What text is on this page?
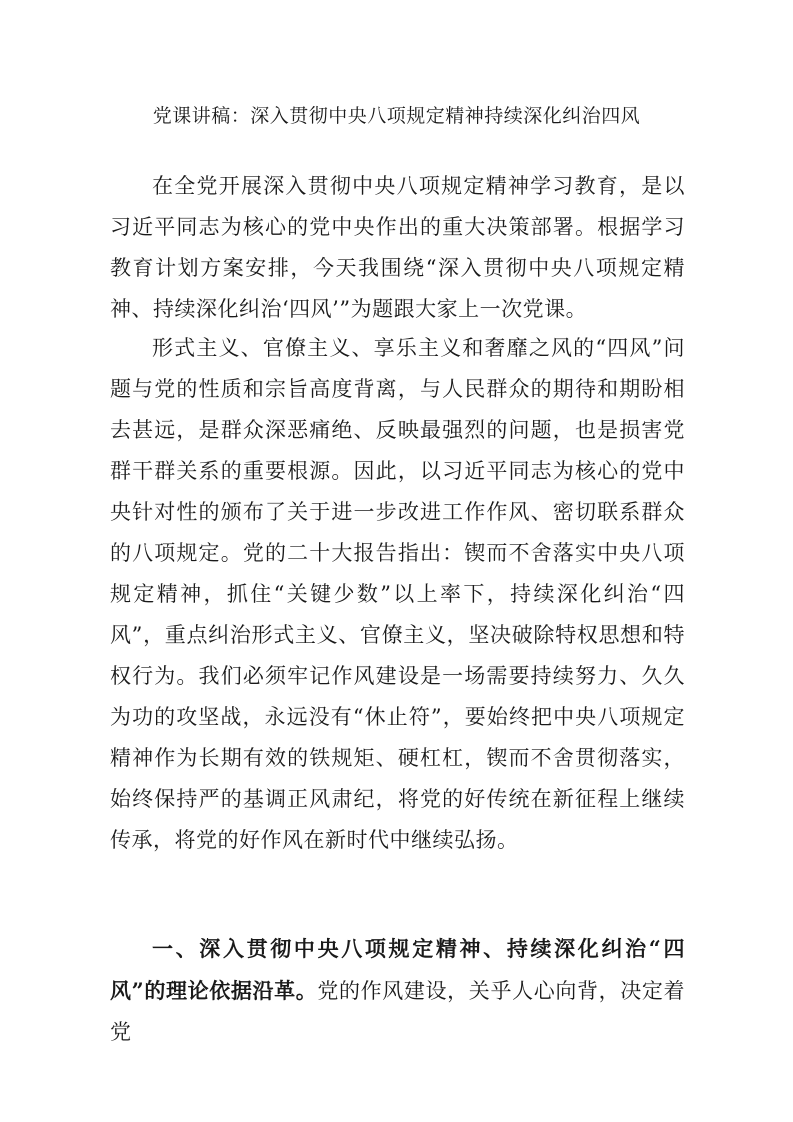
党课讲稿：深入贯彻中央八项规定精神持续深化纠治四风

在全党开展深入贯彻中央八项规定精神学习教育，是以习近平同志为核心的党中央作出的重大决策部署。根据学习教育计划方案安排，今天我围绕“深入贯彻中央八项规定精神、持续深化纠治‘四风’”为题跟大家上一次党课。

形式主义、官僚主义、享乐主义和奢靡之风的“四风”问题与党的性质和宗旨高度背离，与人民群众的期待和期盼相去甚远，是群众深恶痛绝、反映最强烈的问题，也是损害党群干群关系的重要根源。因此，以习近平同志为核心的党中央针对性的颁布了关于进一步改进工作作风、密切联系群众的八项规定。党的二十大报告指出：锲而不舍落实中央八项规定精神，抓住“关键少数”以上率下，持续深化纠治“四风”，重点纠治形式主义、官僚主义，坚决破除特权思想和特权行为。我们必须牢记作风建设是一场需要持续努力、久久为功的攻坚战，永远没有“休止符”，要始终把中央八项规定精神作为长期有效的铁规矩、硬杠杠，锲而不舍贯彻落实，始终保持严的基调正风肃纪，将党的好传统在新征程上继续传承，将党的好作风在新时代中继续弘扬。

一、深入贯彻中央八项规定精神、持续深化纠治“四风”的理论依据沿革。党的作风建设，关乎人心向背，决定着党
